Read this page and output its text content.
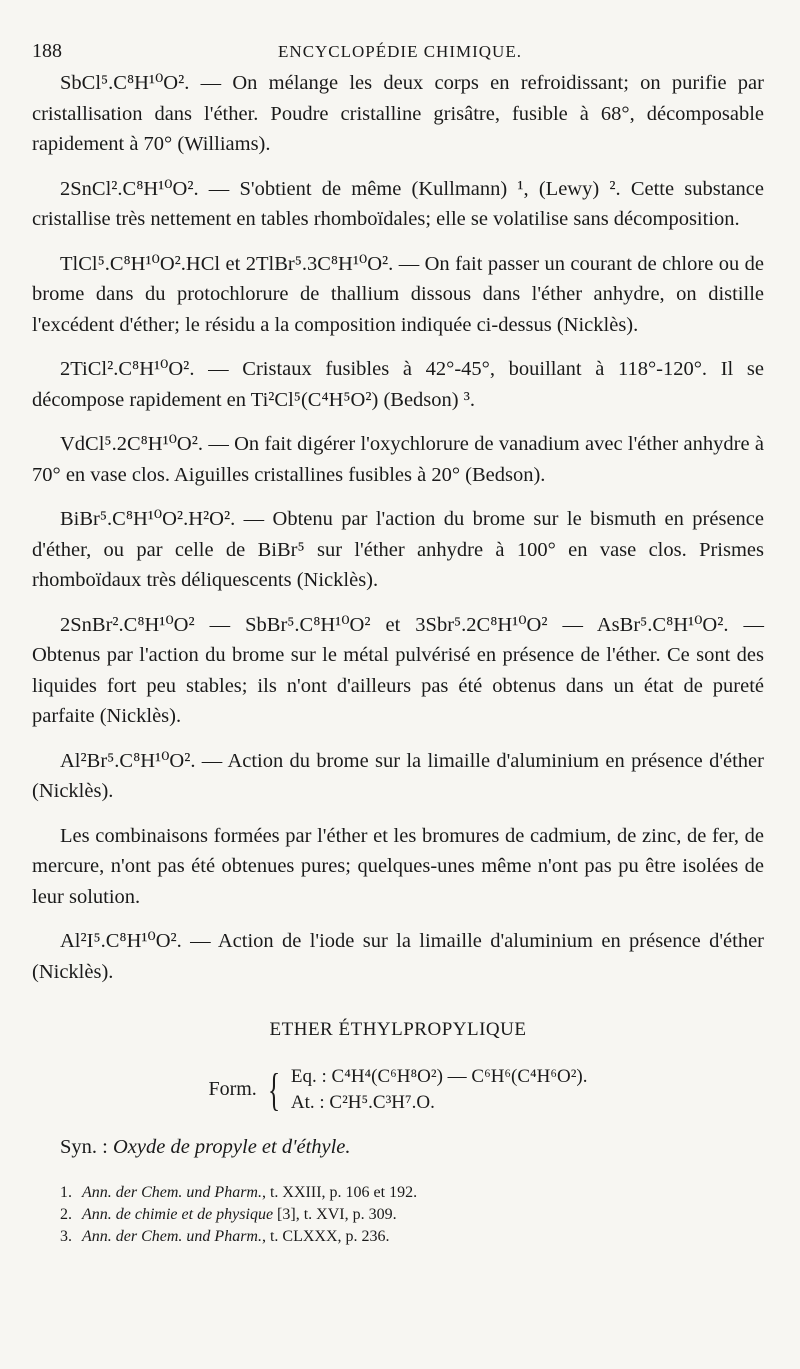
188	ENCYCLOPÉDIE CHIMIQUE.

SbCl⁵.C⁸H¹⁰O². — On mélange les deux corps en refroidissant; on purifie par cristallisation dans l'éther. Poudre cristalline grisâtre, fusible à 68°, décomposable rapidement à 70° (Williams).

2SnCl².C⁸H¹⁰O². — S'obtient de même (Kullmann) ¹, (Lewy) ². Cette substance cristallise très nettement en tables rhomboïdales; elle se volatilise sans décomposition.

TlCl⁵.C⁸H¹⁰O².HCl et 2TlBr⁵.3C⁸H¹⁰O². — On fait passer un courant de chlore ou de brome dans du protochlorure de thallium dissous dans l'éther anhydre, on distille l'excédent d'éther; le résidu a la composition indiquée ci-dessus (Nicklès).

2TiCl².C⁸H¹⁰O². — Cristaux fusibles à 42°-45°, bouillant à 118°-120°. Il se décompose rapidement en Ti²Cl⁵(C⁴H⁵O²) (Bedson) ³.

VdCl⁵.2C⁸H¹⁰O². — On fait digérer l'oxychlorure de vanadium avec l'éther anhydre à 70° en vase clos. Aiguilles cristallines fusibles à 20° (Bedson).

BiBr⁵.C⁸H¹⁰O².H²O². — Obtenu par l'action du brome sur le bismuth en présence d'éther, ou par celle de BiBr⁵ sur l'éther anhydre à 100° en vase clos. Prismes rhomboïdaux très déliquescents (Nicklès).

2SnBr².C⁸H¹⁰O² — SbBr⁵.C⁸H¹⁰O² et 3Sbr⁵.2C⁸H¹⁰O² — AsBr⁵.C⁸H¹⁰O². — Obtenus par l'action du brome sur le métal pulvérisé en présence de l'éther. Ce sont des liquides fort peu stables; ils n'ont d'ailleurs pas été obtenus dans un état de pureté parfaite (Nicklès).

Al²Br⁵.C⁸H¹⁰O². — Action du brome sur la limaille d'aluminium en présence d'éther (Nicklès).

Les combinaisons formées par l'éther et les bromures de cadmium, de zinc, de fer, de mercure, n'ont pas été obtenues pures; quelques-unes même n'ont pas pu être isolées de leur solution.

Al²I⁵.C⁸H¹⁰O². — Action de l'iode sur la limaille d'aluminium en présence d'éther (Nicklès).

ETHER ÉTHYLPROPYLIQUE
Form. { Eq. : C⁴H⁴(C⁶H⁸O²) — C⁶H⁶(C⁴H⁶O²).
At. : C²H⁵.C³H⁷.O.

Syn. : Oxyde de propyle et d'éthyle.

1. Ann. der Chem. und Pharm., t. XXIII, p. 106 et 192.

2. Ann. de chimie et de physique [3], t. XVI, p. 309.

3. Ann. der Chem. und Pharm., t. CLXXX, p. 236.
